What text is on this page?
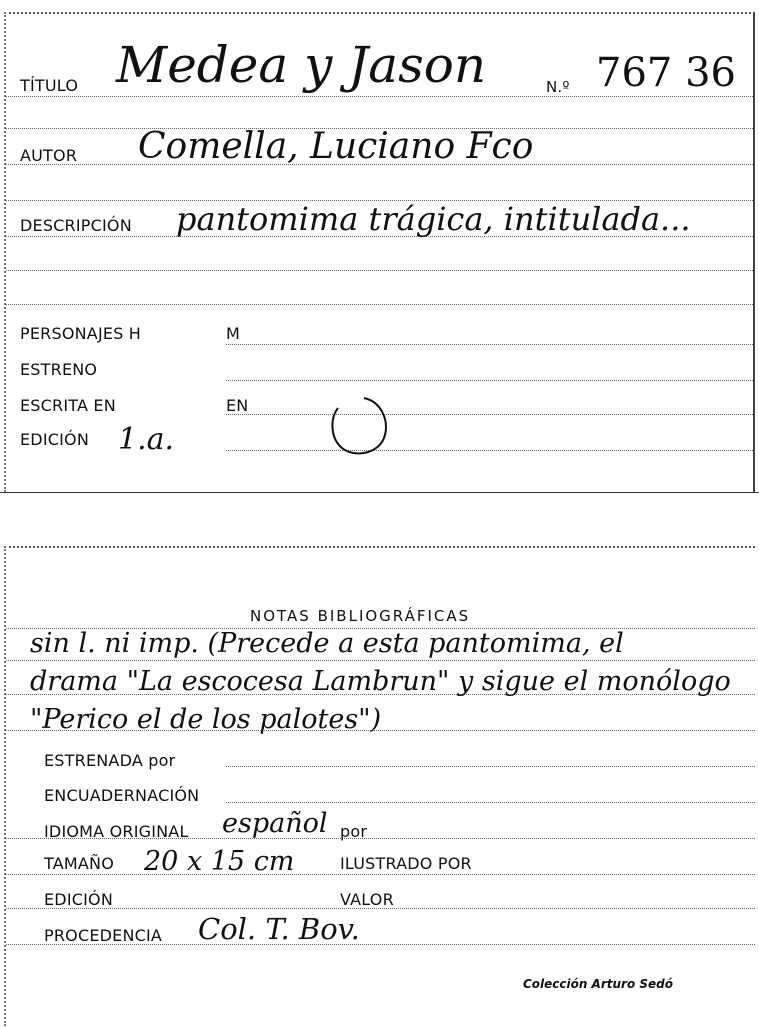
TÍTULO Medea y Jason	N.º 767 36
AUTOR Comella, Luciano Fco
DESCRIPCIÓN pantomima trágica, intitulada...
PERSONAJES H	M
ESTRENO
ESCRITA EN	EN
EDICIÓN 1.a.
NOTAS BIBLIOGRÁFICAS
sin l. ni imp. (Precede a esta pantomima, el
drama "La escocesa Lambrun" y sigue el monólogo
"Perico el de los palotes")
ESTRENADA por
ENCUADERNACIÓN
IDIOMA ORIGINAL español por
TAMAÑO 20 x 15 cm	ILUSTRADO POR
EDICIÓN	VALOR
PROCEDENCIA Col. T. Bov.
Colección Arturo Sedó
